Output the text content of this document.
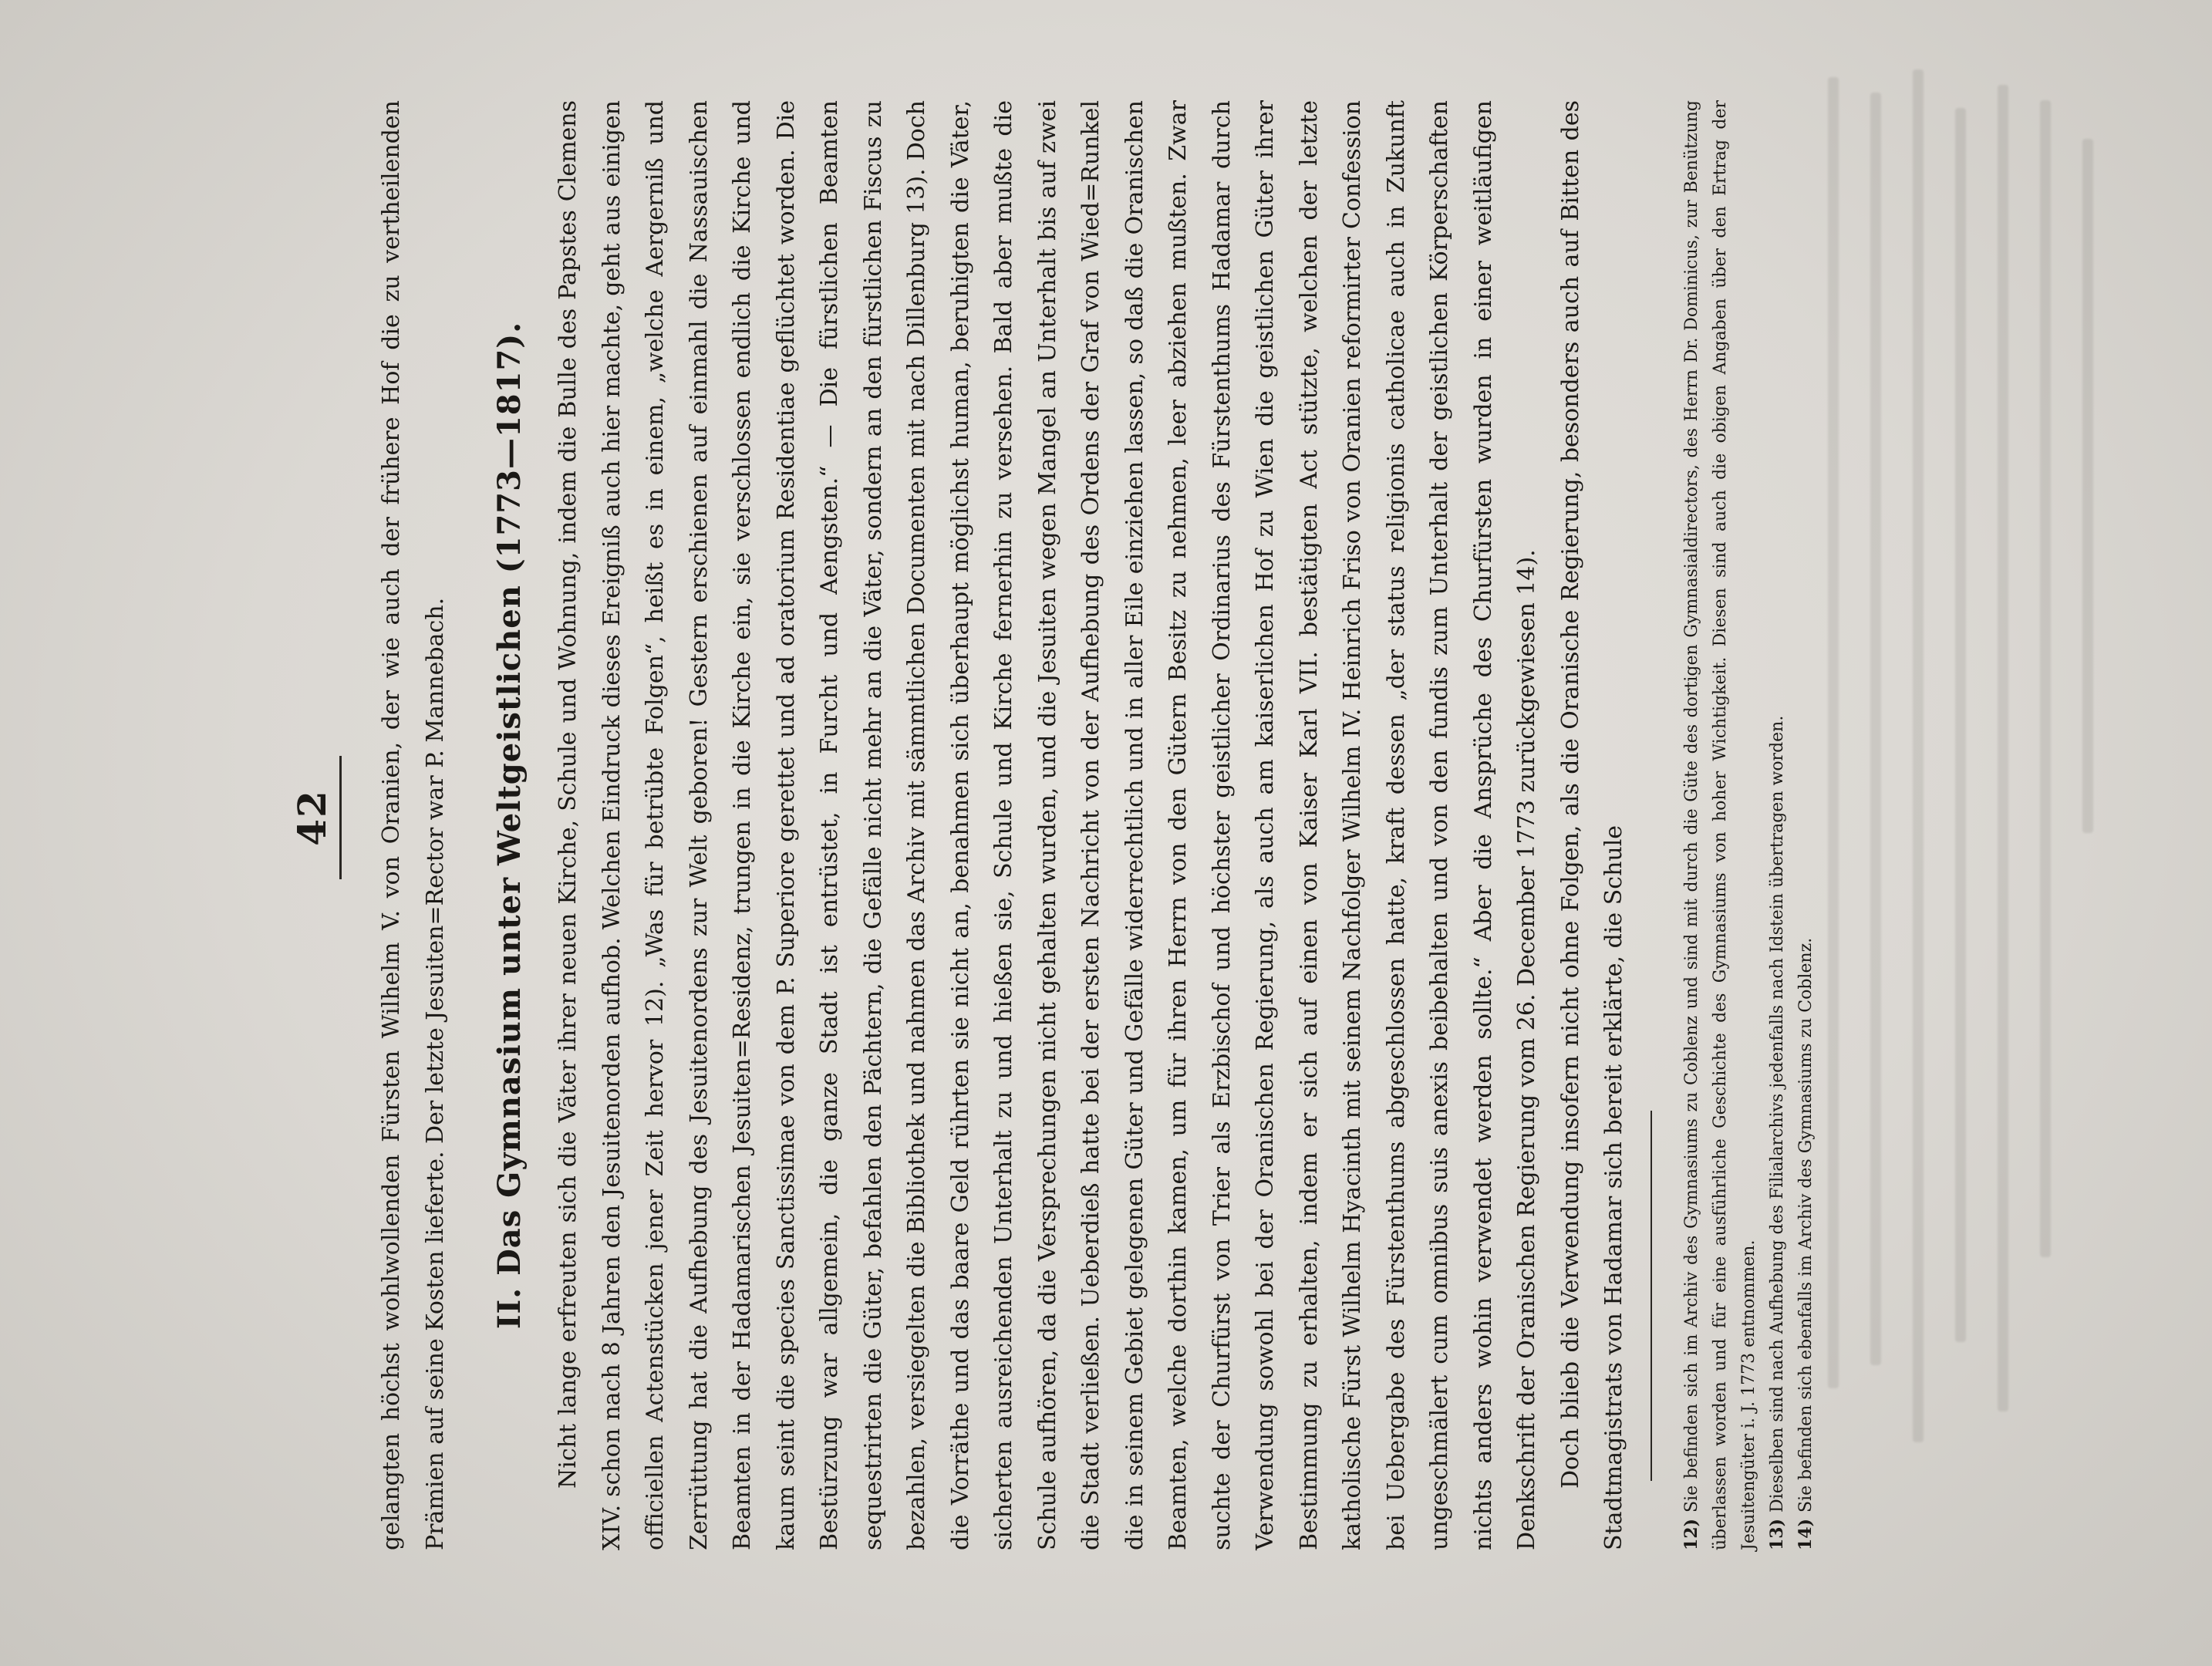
42	gelangten höchst wohlwollenden Fürsten Wilhelm V. von Oranien, der wie auch der frühere Hof die zu vertheilenden Prämien auf seine Kosten lieferte. Der letzte Jesuiten=Rector war P. Mannebach. II. Das Gymnasium unter Weltgeistlichen (1773—1817).	Nicht lange erfreuten sich die Väter ihrer neuen Kirche, Schule und Wohnung, indem die Bulle des Papstes Clemens XIV. schon nach 8 Jahren den Jesuitenorden aufhob. Welchen Eindruck dieses Ereigniß auch hier machte, geht aus einigen officiellen Actenstücken jener Zeit hervor 12). „Was für betrübte Folgen“, heißt es in einem, „welche Aergerniß und Zerrüttung hat die Aufhebung des Jesuitenordens zur Welt geboren! Gestern erschienen auf einmahl die Nassauischen Beamten in der Hadamarischen Jesuiten=Residenz, trungen in die Kirche ein, sie verschlossen endlich die Kirche und kaum seint die species Sanctissimae von dem P. Superiore gerettet und ad oratorium Residentiae geflüchtet worden. Die Bestürzung war allgemein, die ganze Stadt ist entrüstet, in Furcht und Aengsten.“ — Die fürstlichen Beamten sequestrirten die Güter, befahlen den Pächtern, die Gefälle nicht mehr an die Väter, sondern an den fürstlichen Fiscus zu bezahlen, versiegelten die Bibliothek und nahmen das Archiv mit sämmtlichen Documenten mit nach Dillenburg 13). Doch die Vorräthe und das baare Geld rührten sie nicht an, benahmen sich überhaupt möglichst human, beruhigten die Väter, sicherten ausreichenden Unterhalt zu und hießen sie, Schule und Kirche fernerhin zu versehen. Bald aber mußte die Schule aufhören, da die Versprechungen nicht gehalten wurden, und die Jesuiten wegen Mangel an Unterhalt bis auf zwei die Stadt verließen. Ueberdieß hatte bei der ersten Nachricht von der Aufhebung des Ordens der Graf von Wied=Runkel die in seinem Gebiet gelegenen Güter und Gefälle widerrechtlich und in aller Eile einziehen lassen, so daß die Oranischen Beamten, welche dorthin kamen, um für ihren Herrn von den Gütern Besitz zu nehmen, leer abziehen mußten. Zwar suchte der Churfürst von Trier als Erzbischof und höchster geistlicher Ordinarius des Fürstenthums Hadamar durch Verwendung sowohl bei der Oranischen Regierung, als auch am kaiserlichen Hof zu Wien die geistlichen Güter ihrer Bestimmung zu erhalten, indem er sich auf einen von Kaiser Karl VII. bestätigten Act stützte, welchen der letzte katholische Fürst Wilhelm Hyacinth mit seinem Nachfolger Wilhelm IV. Heinrich Friso von Oranien reformirter Confession bei Uebergabe des Fürstenthums abgeschlossen hatte, kraft dessen „der status religionis catholicae auch in Zukunft ungeschmälert cum omnibus suis anexis beibehalten und von den fundis zum Unterhalt der geistlichen Körperschaften nichts anders wohin verwendet werden sollte.“ Aber die Ansprüche des Churfürsten wurden in einer weitläufigen Denkschrift der Oranischen Regierung vom 26. December 1773 zurückgewiesen 14). Doch blieb die Verwendung insofern nicht ohne Folgen, als die Oranische Regierung, besonders auch auf Bitten des Stadtmagistrats von Hadamar sich bereit erklärte, die Schule	12)Sie befinden sich im Archiv des Gymnasiums zu Coblenz und sind mit durch die Güte des dortigen Gymnasialdirectors, des Herrn Dr. Dominicus, zur Benützung überlassen worden und für eine ausführliche Geschichte des Gymnasiums von hoher Wichtigkeit. Diesen sind auch die obigen Angaben über den Ertrag der Jesuitengüter i. J. 1773 entnommen. 13)Dieselben sind nach Aufhebung des Filialarchivs jedenfalls nach Idstein übertragen worden.

14)Sie befinden sich ebenfalls im Archiv des Gymnasiums zu Coblenz.
